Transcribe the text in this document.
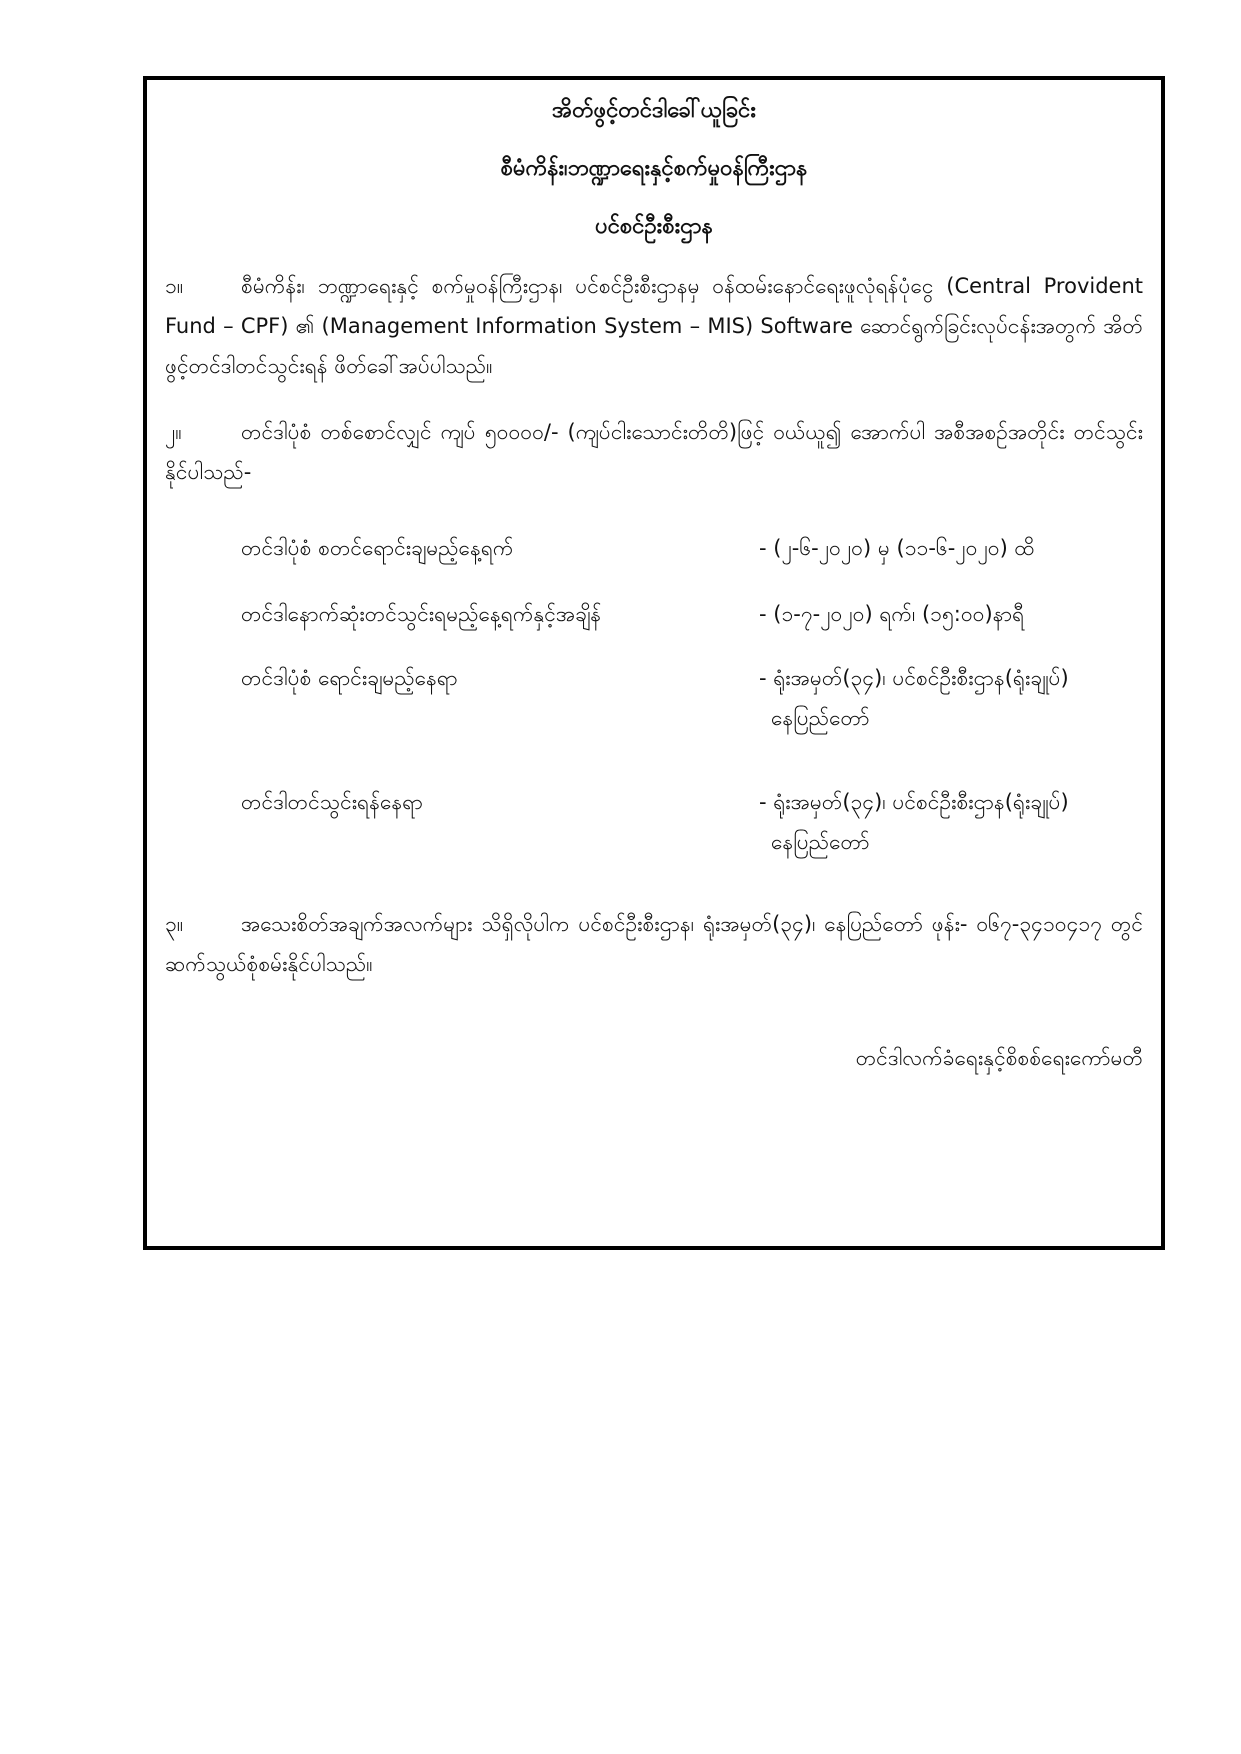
အိတ်ဖွင့်တင်ဒါခေါ်ယူခြင်း
စီမံကိန်း၊ဘဏ္ဍာရေးနှင့်စက်မှုဝန်ကြီးဌာန
ပင်စင်ဦးစီးဌာန
၁။	စီမံကိန်း၊ ဘဏ္ဍာရေးနှင့် စက်မှုဝန်ကြီးဌာန၊ ပင်စင်ဦးစီးဌာနမှ ဝန်ထမ်းနောင်ရေးဖူလုံရန်ပုံငွေ (Central Provident Fund – CPF) ၏ (Management Information System – MIS) Software ဆောင်ရွက်ခြင်းလုပ်ငန်းအတွက် အိတ်ဖွင့်တင်ဒါတင်သွင်းရန် ဖိတ်ခေါ်အပ်ပါသည်။
၂။	တင်ဒါပုံစံ တစ်စောင်လျှင် ကျပ် ၅၀၀၀၀/- (ကျပ်ငါးသောင်းတိတိ)ဖြင့် ဝယ်ယူ၍ အောက်ပါ အစီအစဉ်အတိုင်း တင်သွင်းနိုင်ပါသည်-
တင်ဒါပုံစံ စတင်ရောင်းချမည့်နေ့ရက်	- (၂-၆-၂၀၂၀) မှ (၁၁-၆-၂၀၂၀) ထိ
တင်ဒါနောက်ဆုံးတင်သွင်းရမည့်နေ့ရက်နှင့်အချိန်	- (၁-၇-၂၀၂၀) ရက်၊ (၁၅:၀၀)နာရီ
တင်ဒါပုံစံ ရောင်းချမည့်နေရာ	- ရုံးအမှတ်(၃၄)၊ ပင်စင်ဦးစီးဌာန(ရုံးချုပ်)
နေပြည်တော်
တင်ဒါတင်သွင်းရန်နေရာ	- ရုံးအမှတ်(၃၄)၊ ပင်စင်ဦးစီးဌာန(ရုံးချုပ်)
နေပြည်တော်
၃။	အသေးစိတ်အချက်အလက်များ သိရှိလိုပါက ပင်စင်ဦးစီးဌာန၊ ရုံးအမှတ်(၃၄)၊ နေပြည်တော် ဖုန်း- ၀၆၇-၃၄၁၀၄၁၇ တွင် ဆက်သွယ်စုံစမ်းနိုင်ပါသည်။
တင်ဒါလက်ခံရေးနှင့်စိစစ်ရေးကော်မတီ
